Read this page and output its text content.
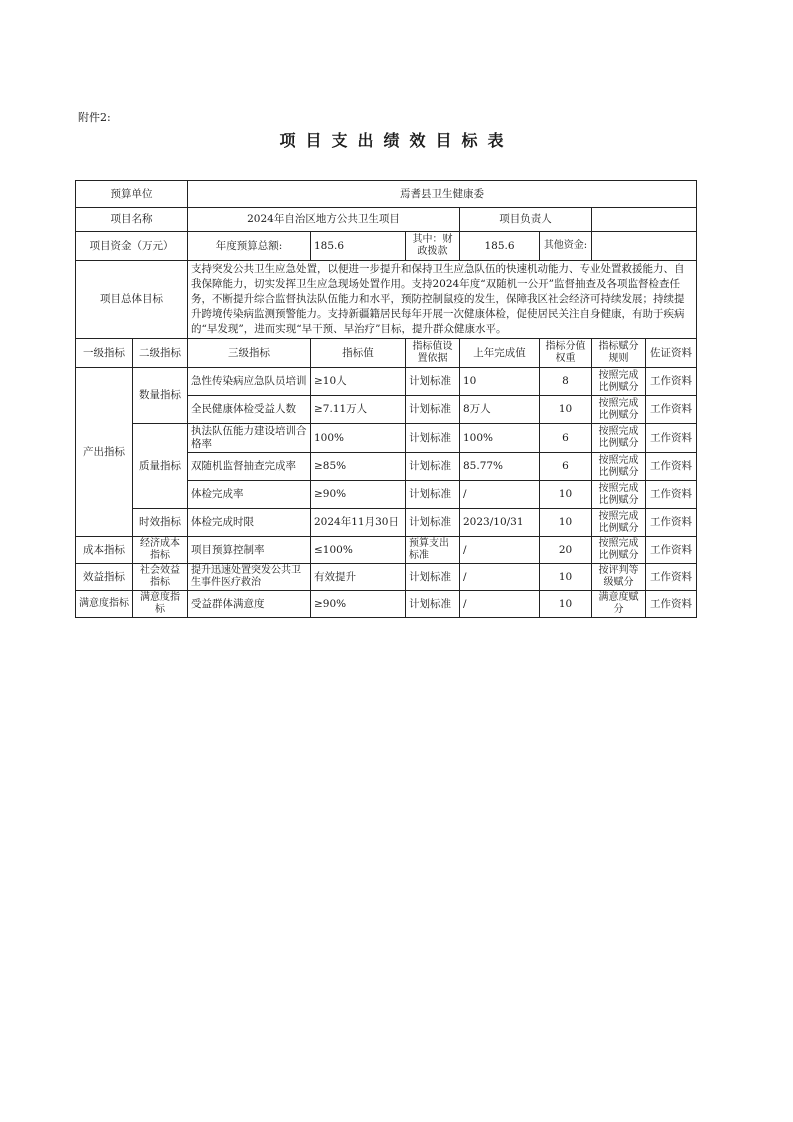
附件2:
项目支出绩效目标表
预算单位		焉耆县卫生健康委						
项目名称		2024年自治区地方公共卫生项目			项目负责人			
项目资金（万元）		年度预算总额:	185.6	其中：财政拨款	185.6	其他资金:		
项目总体目标		支持突发公共卫生应急处置，以便进一步提升和保持卫生应急队伍的快速机动能力、专业处置救援能力、自我保障能力，切实发挥卫生应急现场处置作用。支持2024年度“双随机一公开”监督抽查及各项监督检查任务，不断提升综合监督执法队伍能力和水平，预防控制鼠疫的发生，保障我区社会经济可持续发展；持续提升跨境传染病监测预警能力。支持新疆籍居民每年开展一次健康体检，促使居民关注自身健康，有助于疾病的“早发现”，进而实现“早干预、早治疗”目标，提升群众健康水平。						
一级指标	二级指标	三级指标	指标值	指标值设置依据	上年完成值	指标分值权重	指标赋分规则	佐证资料
产出指标	数量指标	急性传染病应急队员培训	≥10人	计划标准	10	8	按照完成比例赋分	工作资料
		全民健康体检受益人数	≥7.11万人	计划标准	8万人	10	按照完成比例赋分	工作资料
	质量指标	执法队伍能力建设培训合格率	100%	计划标准	100%	6	按照完成比例赋分	工作资料
		双随机监督抽查完成率	≥85%	计划标准	85.77%	6	按照完成比例赋分	工作资料
		体检完成率	≥90%	计划标准	/	10	按照完成比例赋分	工作资料
	时效指标	体检完成时限	2024年11月30日	计划标准	2023/10/31	10	按照完成比例赋分	工作资料
成本指标	经济成本指标	项目预算控制率	≤100%	预算支出标准	/	20	按照完成比例赋分	工作资料
效益指标	社会效益指标	提升迅速处置突发公共卫生事件医疗救治	有效提升	计划标准	/	10	按评判等级赋分	工作资料
满意度指标	满意度指标	受益群体满意度	≥90%	计划标准	/	10	满意度赋分	工作资料
